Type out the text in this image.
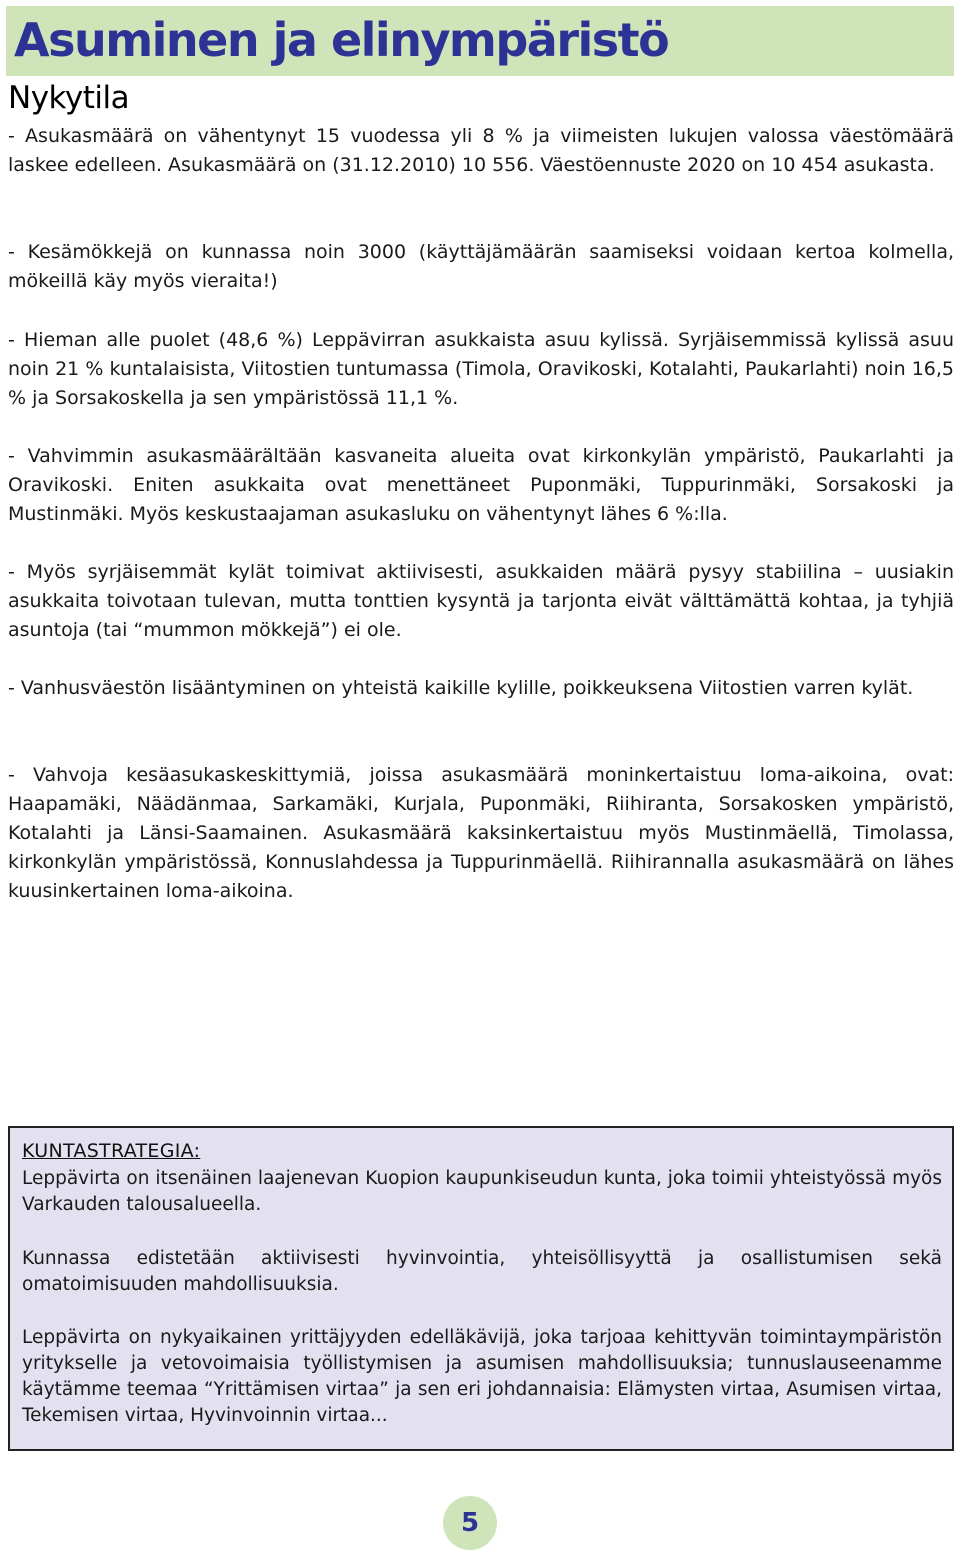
Asuminen ja elinympäristö
Nykytila

- Asukasmäärä on vähentynyt 15 vuodessa yli 8 % ja viimeisten lukujen valossa väestömäärä laskee edelleen. Asukasmäärä on (31.12.2010) 10 556. Väestöennuste 2020 on 10 454 asukasta.

- Kesämökkejä on kunnassa noin 3000 (käyttäjämäärän saamiseksi voidaan kertoa kolmella, mökeillä käy myös vieraita!)

- Hieman alle puolet (48,6 %) Leppävirran asukkaista asuu kylissä. Syrjäisemmissä kylissä asuu noin 21 % kuntalaisista, Viitostien tuntumassa (Timola, Oravikoski, Kotalahti, Paukarlahti) noin 16,5 % ja Sorsakoskella ja sen ympäristössä 11,1 %.

- Vahvimmin asukasmäärältään kasvaneita alueita ovat kirkonkylän ympäristö, Paukarlahti ja Oravikoski. Eniten asukkaita ovat menettäneet Puponmäki, Tuppurinmäki, Sorsakoski ja Mustinmäki. Myös keskustaajaman asukasluku on vähentynyt lähes 6 %:lla.

- Myös syrjäisemmät kylät toimivat aktiivisesti, asukkaiden määrä pysyy stabiilina – uusiakin asukkaita toivotaan tulevan, mutta tonttien kysyntä ja tarjonta eivät välttämättä kohtaa, ja tyhjiä asuntoja (tai “mummon mökkejä”) ei ole.

- Vanhusväestön lisääntyminen on yhteistä kaikille kylille, poikkeuksena Viitostien varren kylät.

- Vahvoja kesäasukaskeskittymiä, joissa asukasmäärä moninkertaistuu loma-aikoina, ovat: Haapamäki, Näädänmaa, Sarkamäki, Kurjala, Puponmäki, Riihiranta, Sorsakosken ympäristö, Kotalahti ja Länsi-Saamainen. Asukasmäärä kaksinkertaistuu myös Mustinmäellä, Timolassa, kirkonkylän ympäristössä, Konnuslahdessa ja Tuppurinmäellä. Riihirannalla asukasmäärä on lähes kuusinkertainen loma-aikoina.

KUNTASTRATEGIA:

Leppävirta on itsenäinen laajenevan Kuopion kaupunkiseudun kunta, joka toimii yhteistyössä myös Varkauden talousalueella.

Kunnassa edistetään aktiivisesti hyvinvointia, yhteisöllisyyttä ja osallistumisen sekä omatoimisuuden mahdollisuuksia.

Leppävirta on nykyaikainen yrittäjyyden edelläkävijä, joka tarjoaa kehittyvän toimintaympäristön yritykselle ja vetovoimaisia työllistymisen ja asumisen mahdollisuuksia; tunnuslauseenamme käytämme teemaa “Yrittämisen virtaa” ja sen eri johdannaisia: Elämysten virtaa, Asumisen virtaa, Tekemisen virtaa, Hyvinvoinnin virtaa...

5
